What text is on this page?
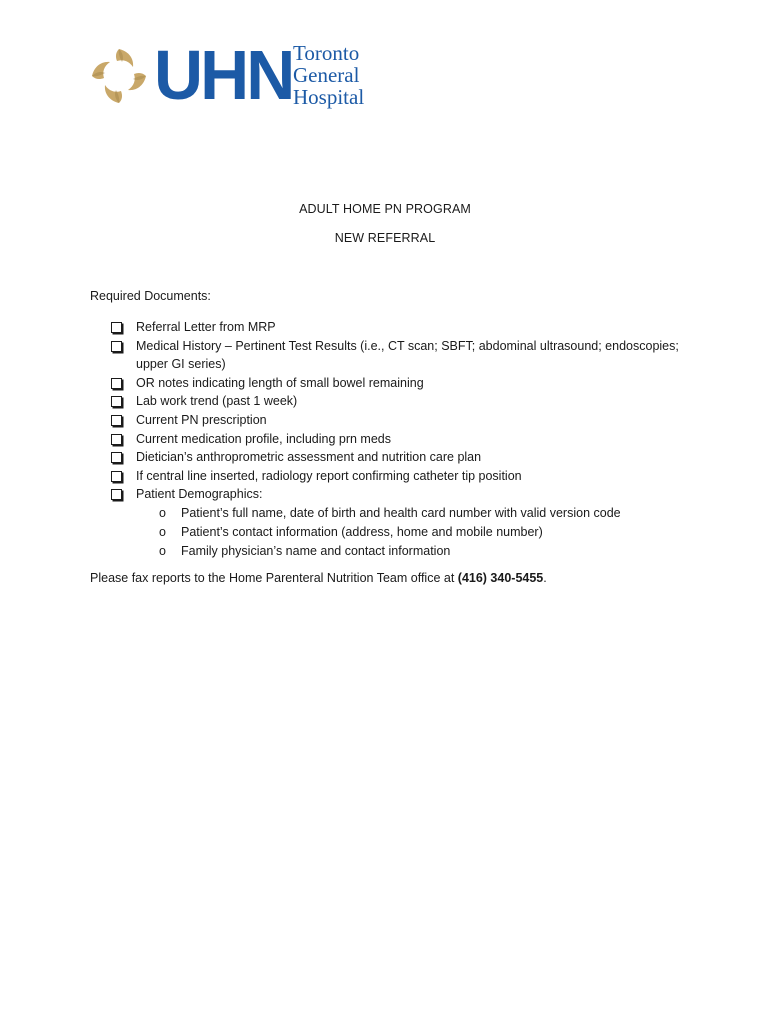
UHN Toronto
General
Hospital
ADULT HOME PN PROGRAM
NEW REFERRAL
Required Documents:
Referral Letter from MRP
Medical History – Pertinent Test Results (i.e., CT scan; SBFT; abdominal ultrasound; endoscopies; upper GI series)
OR notes indicating length of small bowel remaining
Lab work trend (past 1 week)
Current PN prescription
Current medication profile, including prn meds
Dietician’s anthroprometric assessment and nutrition care plan
If central line inserted, radiology report confirming catheter tip position
Patient Demographics:
o Patient’s full name, date of birth and health card number with valid version code
o Patient’s contact information (address, home and mobile number)
o Family physician’s name and contact information
Please fax reports to the Home Parenteral Nutrition Team office at (416) 340-5455.
